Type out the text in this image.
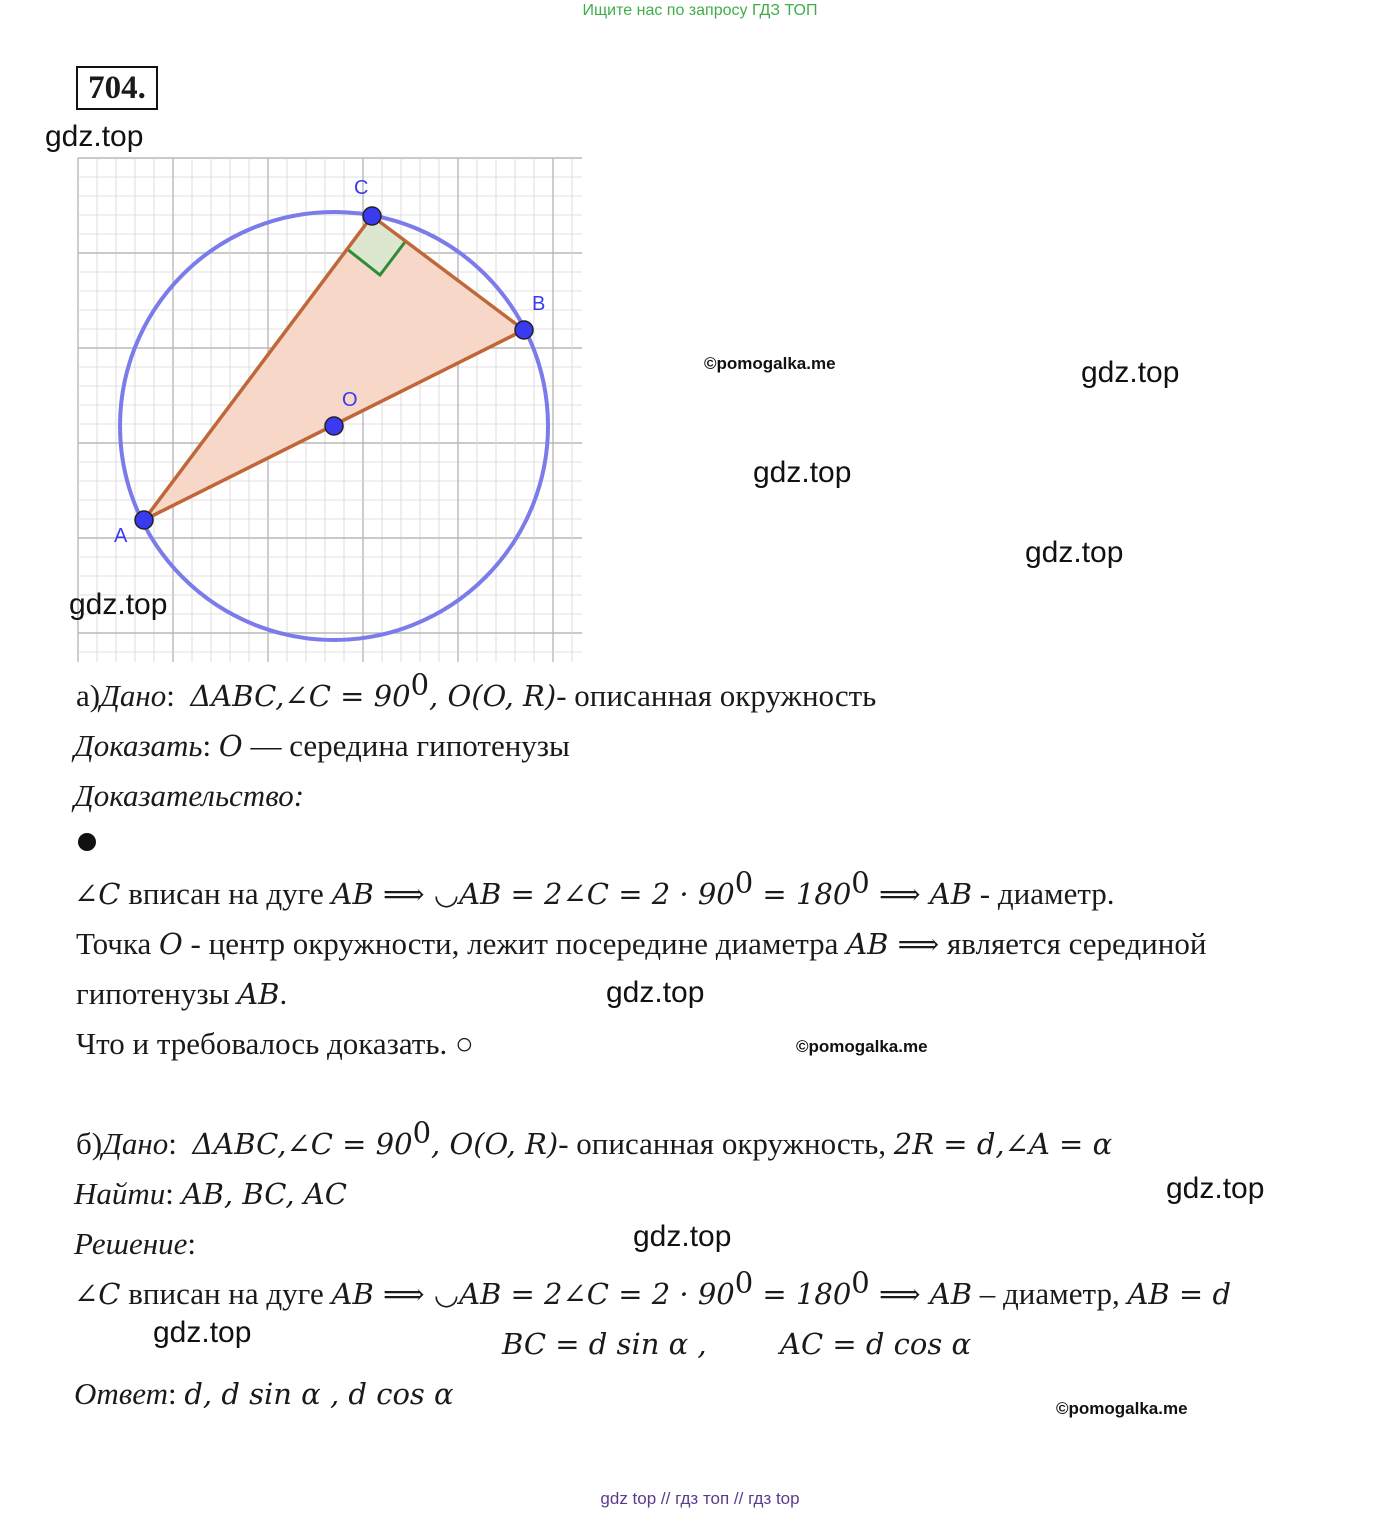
Ищите нас по запросу ГДЗ ТОП
704.
A
C
B
O
gdz.top
©pomogalka.me	gdz.top
gdz.top
gdz.top
gdz.top
а)Дано:  ΔABC,∠C = $90^0$, O(O, R)- описанная окружность
Доказать: O — середина гипотенузы
Доказательство:
∠C вписан на дуге AB ⟹ ◡AB = 2∠C = $2 \cdot 90^0 = 180^0$ ⟹ AB - диаметр.
Точка O - центр окружности, лежит посередине диаметра AB ⟹ является серединой
гипотенузы AB.	gdz.top
Что и требовалось доказать. ○	©pomogalka.me
б)Дано:  ΔABC,∠C = $90^0$, O(O, R)- описанная окружность, 2R = d,∠A = α
Найти: AB, BC, AC	gdz.top
Решение:	gdz.top
∠C вписан на дуге AB ⟹ ◡AB = 2∠C = $2 \cdot 90^0 = 180^0$ ⟹ AB – диаметр, AB = d
gdz.top	BC = d sin α ,	AC = d cos α
Ответ: d, d sin α , d cos α	©pomogalka.me
gdz top // гдз топ // гдз top
